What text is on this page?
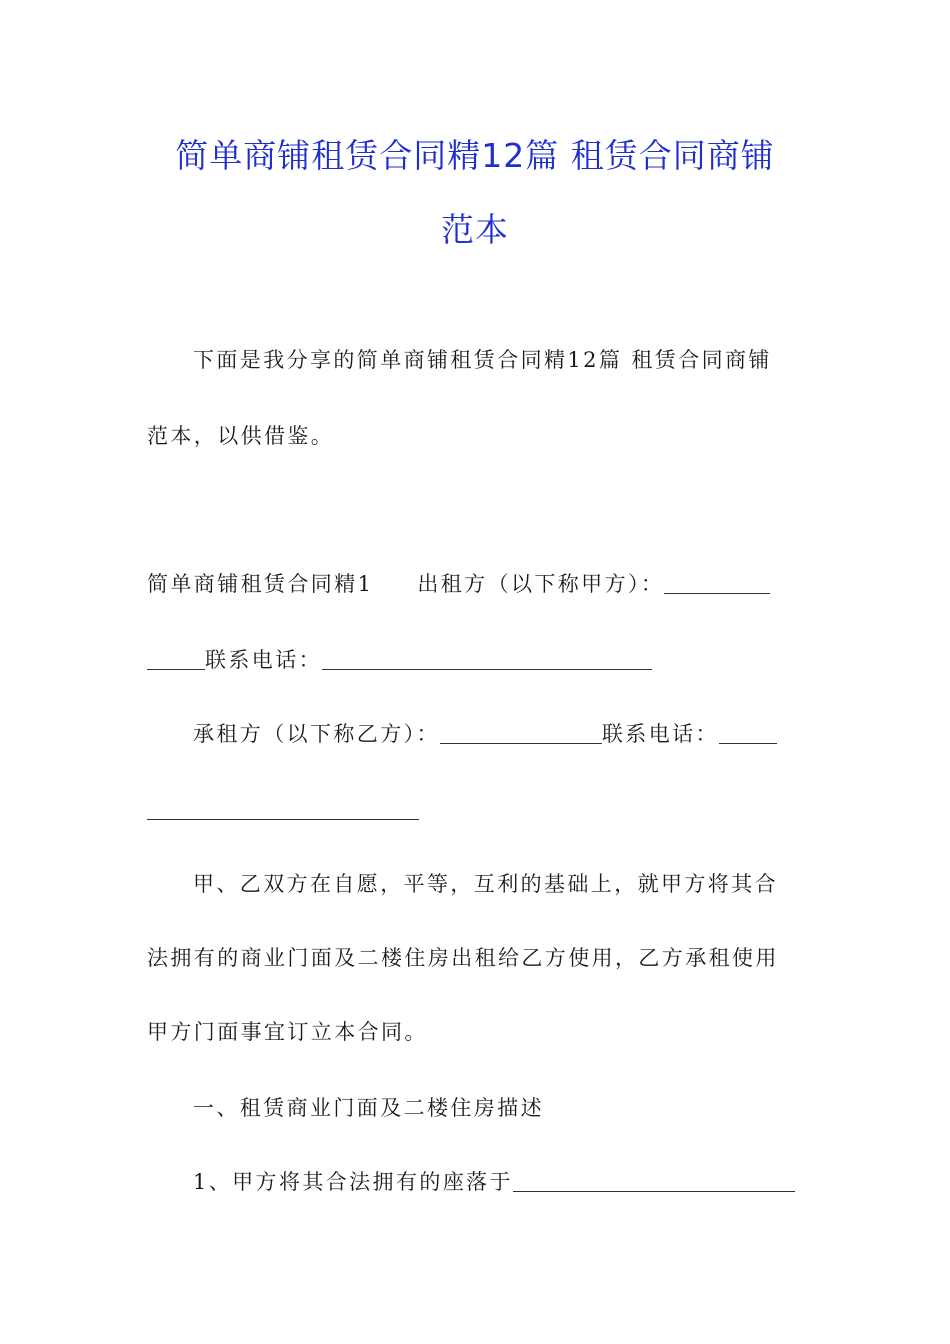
简单商铺租赁合同精12篇 租赁合同商铺
范本
下面是我分享的简单商铺租赁合同精12篇 租赁合同商铺
范本，以供借鉴。
简单商铺租赁合同精1 出租方（以下称甲方）：
联系电话：
承租方（以下称乙方）：	联系电话：
甲、乙双方在自愿，平等，互利的基础上，就甲方将其合
法拥有的商业门面及二楼住房出租给乙方使用，乙方承租使用
甲方门面事宜订立本合同。
一、租赁商业门面及二楼住房描述
1、甲方将其合法拥有的座落于
